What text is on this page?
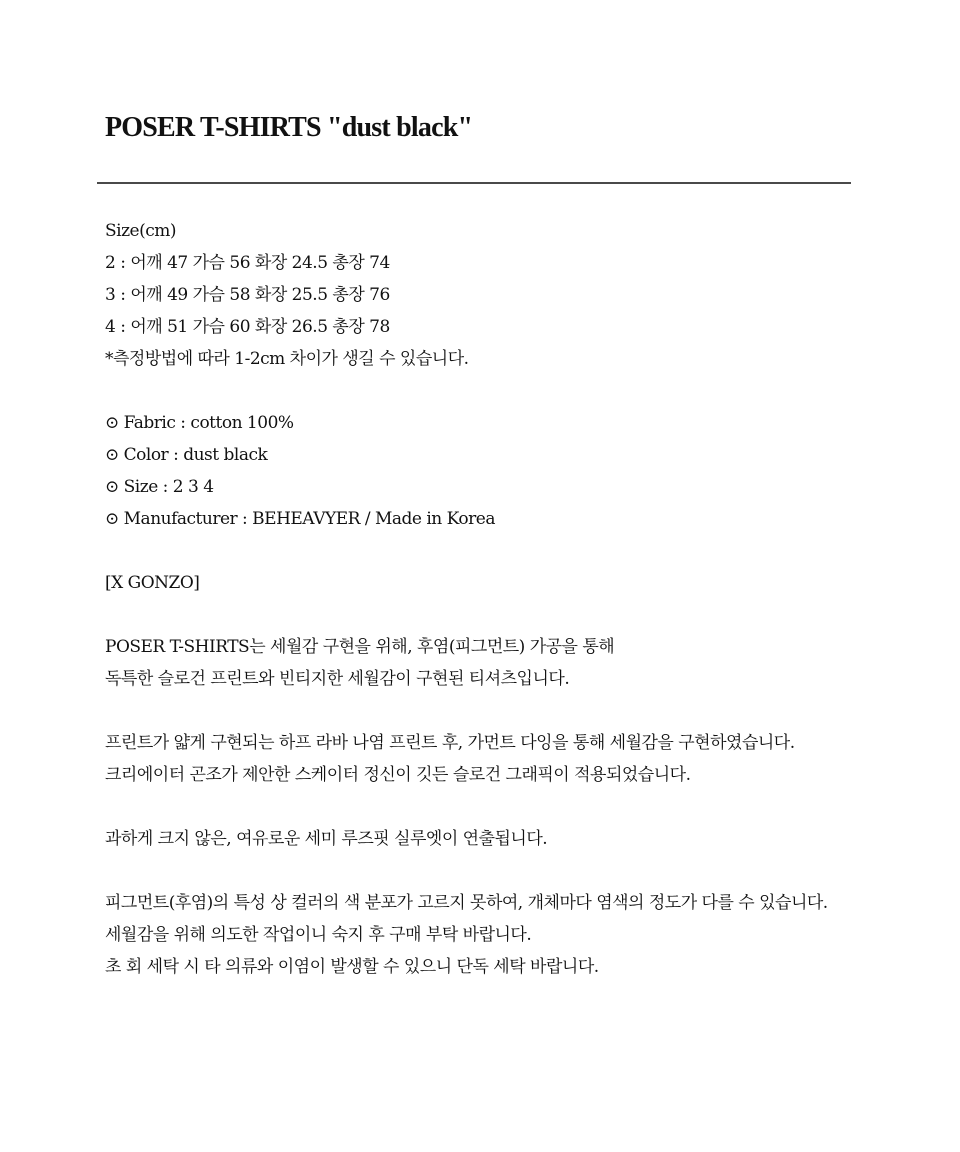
POSER T-SHIRTS "dust black"
Size(cm)
2 : 어깨 47 가슴 56 화장 24.5 총장 74
3 : 어깨 49 가슴 58 화장 25.5 총장 76
4 : 어깨 51 가슴 60 화장 26.5 총장 78
*측정방법에 따라 1-2cm 차이가 생길 수 있습니다.
⊙ Fabric : cotton 100%
⊙ Color : dust black
⊙ Size : 2 3 4
⊙ Manufacturer : BEHEAVYER / Made in Korea
[X GONZO]
POSER T-SHIRTS는 세월감 구현을 위해, 후염(피그먼트) 가공을 통해
독특한 슬로건 프린트와 빈티지한 세월감이 구현된 티셔츠입니다.
프린트가 얇게 구현되는 하프 라바 나염 프린트 후, 가먼트 다잉을 통해 세월감을 구현하였습니다.
크리에이터 곤조가 제안한 스케이터 정신이 깃든 슬로건 그래픽이 적용되었습니다.
과하게 크지 않은, 여유로운 세미 루즈핏 실루엣이 연출됩니다.
피그먼트(후염)의 특성 상 컬러의 색 분포가 고르지 못하여, 개체마다 염색의 정도가 다를 수 있습니다.
세월감을 위해 의도한 작업이니 숙지 후 구매 부탁 바랍니다.
초 회 세탁 시 타 의류와 이염이 발생할 수 있으니 단독 세탁 바랍니다.
